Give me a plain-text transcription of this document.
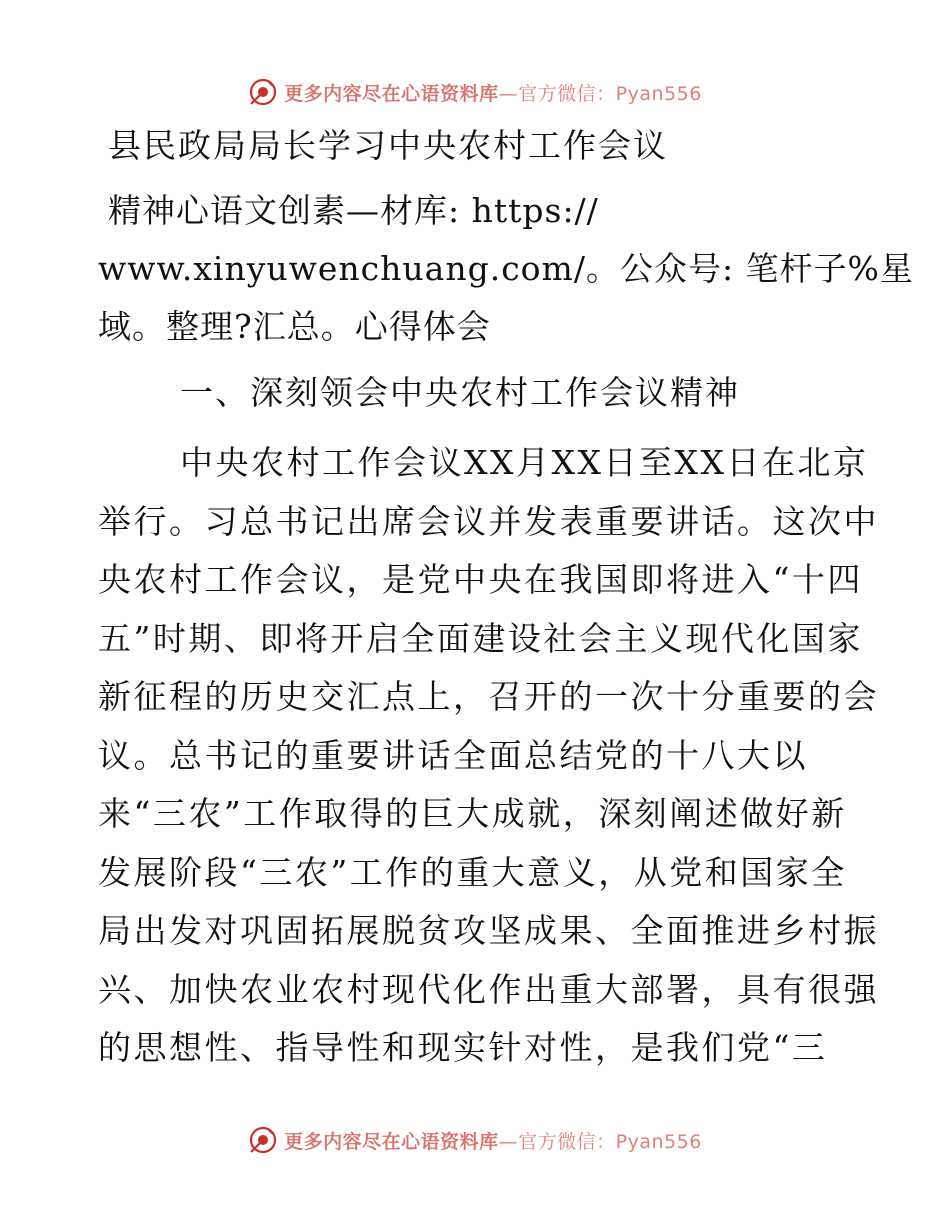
更多内容尽在心语资料库—官方微信：Pyan556
县民政局局长学习中央农村工作会议
精神心语文创素—材库: https://
www.xinyuwenchuang.com/。公众号: 笔杆子%星
域。整理?汇总。心得体会
一、深刻领会中央农村工作会议精神
中央农村工作会议XX月XX日至XX日在北京
举行。习总书记出席会议并发表重要讲话。这次中
央农村工作会议，是党中央在我国即将进入“十四
五”时期、即将开启全面建设社会主义现代化国家
新征程的历史交汇点上，召开的一次十分重要的会
议。总书记的重要讲话全面总结党的十八大以
来“三农”工作取得的巨大成就，深刻阐述做好新
发展阶段“三农”工作的重大意义，从党和国家全
局出发对巩固拓展脱贫攻坚成果、全面推进乡村振
兴、加快农业农村现代化作出重大部署，具有很强
的思想性、指导性和现实针对性，是我们党“三
更多内容尽在心语资料库—官方微信：Pyan556
